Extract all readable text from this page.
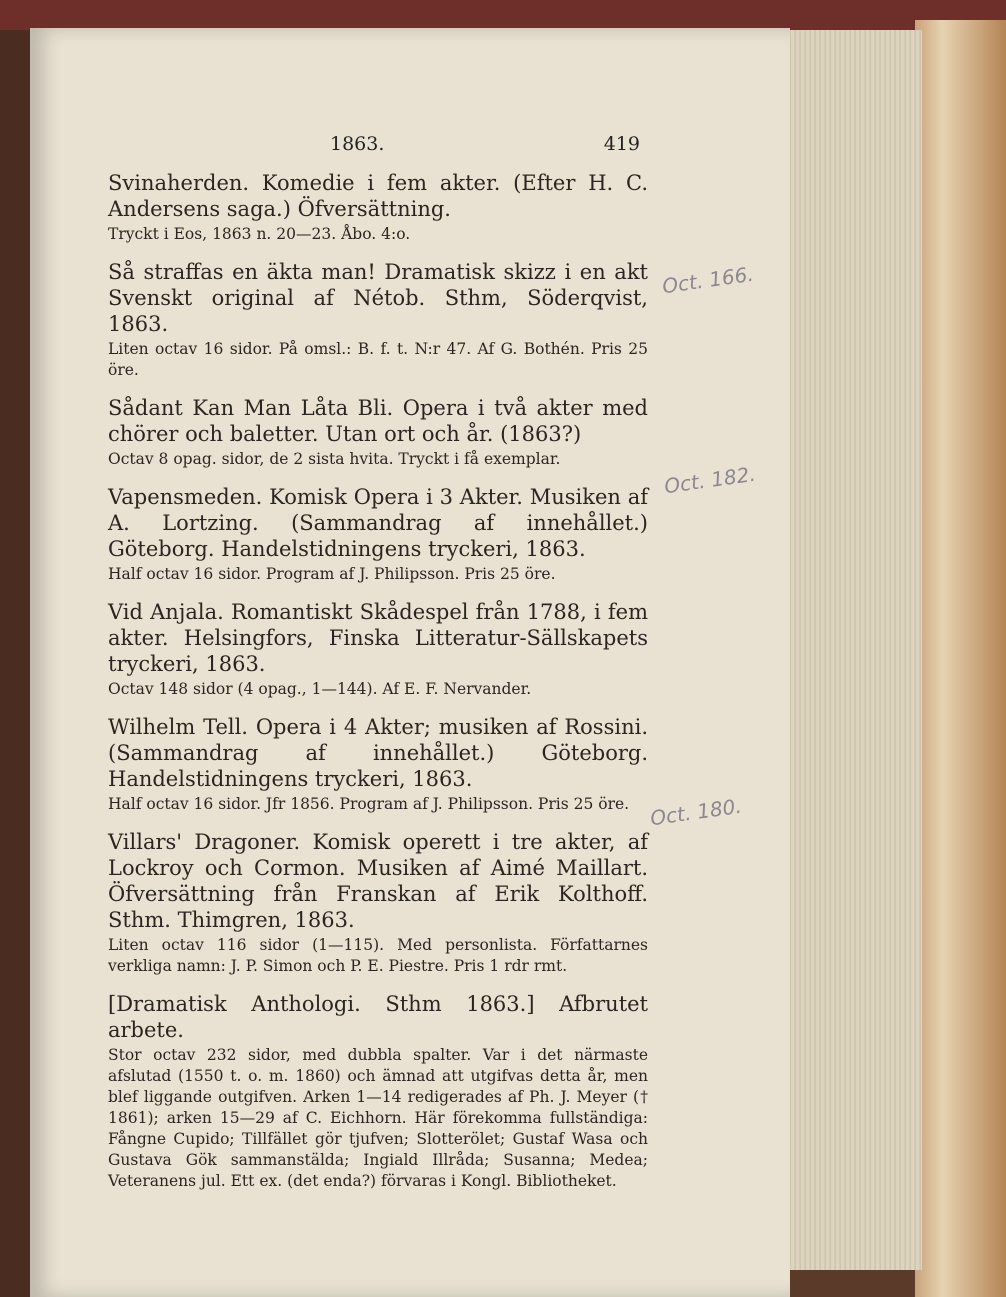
1863.	419
Svinaherden. Komedie i fem akter. (Efter H. C. Andersens saga.) Öfversättning.
Tryckt i Eos, 1863 n. 20—23. Åbo. 4:o.
Så straffas en äkta man! Dramatisk skizz i en akt Svenskt original af Nétob. Sthm, Söderqvist, 1863.
Liten octav 16 sidor. På omsl.: B. f. t. N:r 47. Af G. Bothén. Pris 25 öre.
Sådant Kan Man Låta Bli. Opera i två akter med chörer och baletter. Utan ort och år. (1863?)
Octav 8 opag. sidor, de 2 sista hvita. Tryckt i få exemplar.
Vapensmeden. Komisk Opera i 3 Akter. Musiken af A. Lortzing. (Sammandrag af innehållet.) Göteborg. Handelstidningens tryckeri, 1863.
Half octav 16 sidor. Program af J. Philipsson. Pris 25 öre.
Vid Anjala. Romantiskt Skådespel från 1788, i fem akter. Helsingfors, Finska Litteratur-Sällskapets tryckeri, 1863.
Octav 148 sidor (4 opag., 1—144). Af E. F. Nervander.
Wilhelm Tell. Opera i 4 Akter; musiken af Rossini. (Sammandrag af innehållet.) Göteborg. Handelstidningens tryckeri, 1863.
Half octav 16 sidor. Jfr 1856. Program af J. Philipsson. Pris 25 öre.
Villars' Dragoner. Komisk operett i tre akter, af Lockroy och Cormon. Musiken af Aimé Maillart. Öfversättning från Franskan af Erik Kolthoff. Sthm. Thimgren, 1863.
Liten octav 116 sidor (1—115). Med personlista. Författarnes verkliga namn: J. P. Simon och P. E. Piestre. Pris 1 rdr rmt.
[Dramatisk Anthologi. Sthm 1863.] Afbrutet arbete.
Stor octav 232 sidor, med dubbla spalter. Var i det närmaste afslutad (1550 t. o. m. 1860) och ämnad att utgifvas detta år, men blef liggande outgifven. Arken 1—14 redigerades af Ph. J. Meyer († 1861); arken 15—29 af C. Eichhorn. Här förekomma fullständiga: Fångne Cupido; Tillfället gör tjufven; Slotterölet; Gustaf Wasa och Gustava Gök sammanstälda; Ingiald Illråda; Susanna; Medea; Veteranens jul. Ett ex. (det enda?) förvaras i Kongl. Bibliotheket.
Oct. 166.
Oct. 182.
Oct. 180.
